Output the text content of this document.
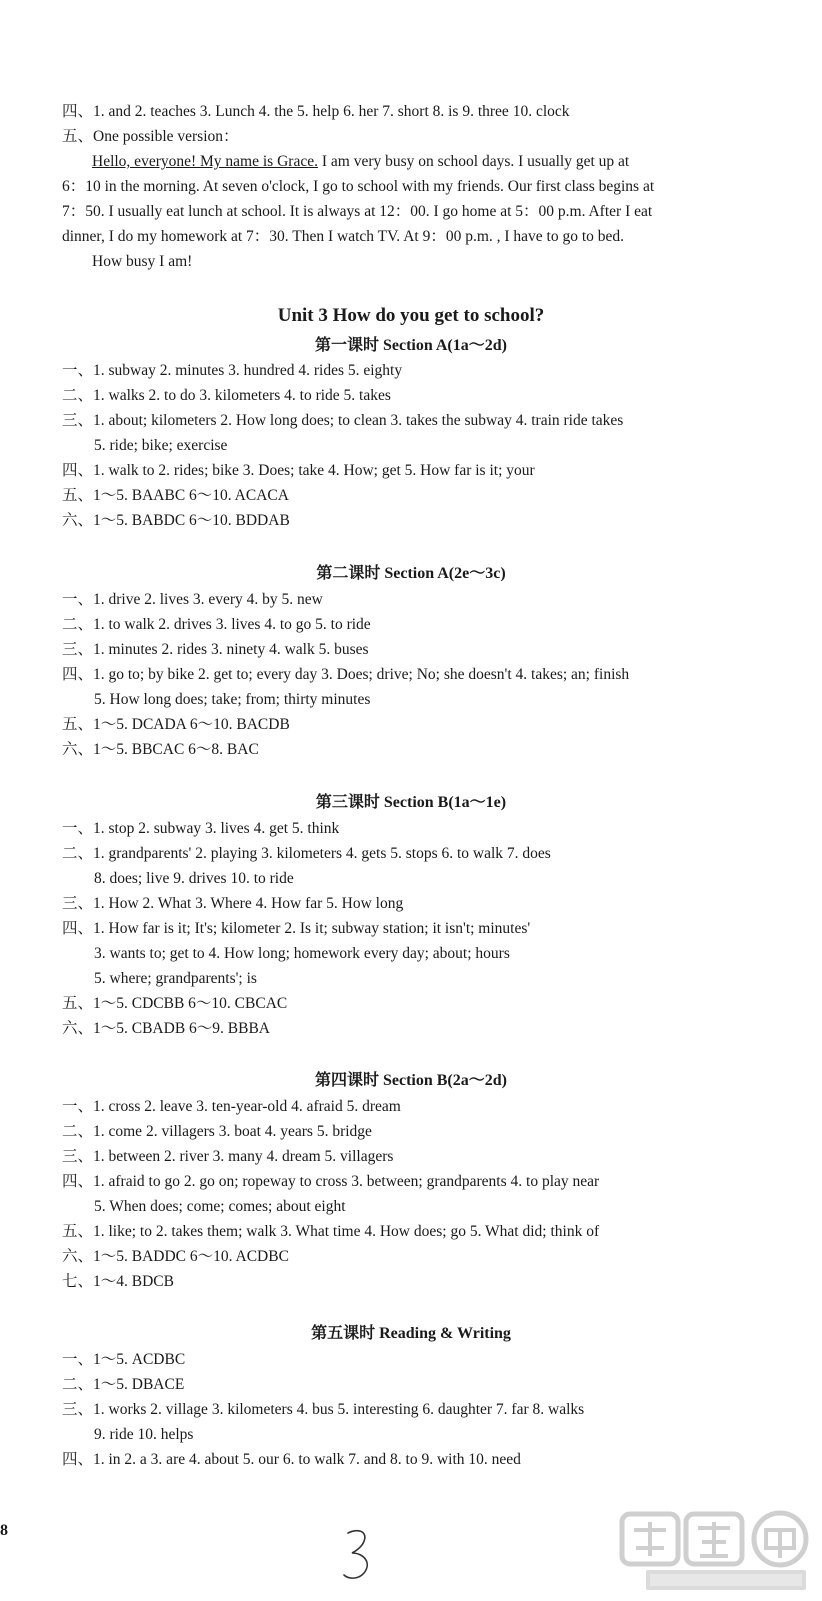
四、1. and 2. teaches 3. Lunch 4. the 5. help 6. her 7. short 8. is 9. three 10. clock
五、One possible version：
Hello, everyone! My name is Grace. I am very busy on school days. I usually get up at
6：10 in the morning. At seven o'clock, I go to school with my friends. Our first class begins at
7：50. I usually eat lunch at school. It is always at 12：00. I go home at 5：00 p.m. After I eat
dinner, I do my homework at 7：30. Then I watch TV. At 9：00 p.m. , I have to go to bed.
How busy I am!
Unit 3 How do you get to school?
第一课时 Section A(1a～2d)
一、1. subway 2. minutes 3. hundred 4. rides 5. eighty
二、1. walks 2. to do 3. kilometers 4. to ride 5. takes
三、1. about; kilometers 2. How long does; to clean 3. takes the subway 4. train ride takes
5. ride; bike; exercise
四、1. walk to 2. rides; bike 3. Does; take 4. How; get 5. How far is it; your
五、1～5. BAABC 6～10. ACACA
六、1～5. BABDC 6～10. BDDAB
第二课时 Section A(2e～3c)
一、1. drive 2. lives 3. every 4. by 5. new
二、1. to walk 2. drives 3. lives 4. to go 5. to ride
三、1. minutes 2. rides 3. ninety 4. walk 5. buses
四、1. go to; by bike 2. get to; every day 3. Does; drive; No; she doesn't 4. takes; an; finish
5. How long does; take; from; thirty minutes
五、1～5. DCADA 6～10. BACDB
六、1～5. BBCAC 6～8. BAC
第三课时 Section B(1a～1e)
一、1. stop 2. subway 3. lives 4. get 5. think
二、1. grandparents' 2. playing 3. kilometers 4. gets 5. stops 6. to walk 7. does
8. does; live 9. drives 10. to ride
三、1. How 2. What 3. Where 4. How far 5. How long
四、1. How far is it; It's; kilometer 2. Is it; subway station; it isn't; minutes'
3. wants to; get to 4. How long; homework every day; about; hours
5. where; grandparents'; is
五、1～5. CDCBB 6～10. CBCAC
六、1～5. CBADB 6～9. BBBA
第四课时 Section B(2a～2d)
一、1. cross 2. leave 3. ten-year-old 4. afraid 5. dream
二、1. come 2. villagers 3. boat 4. years 5. bridge
三、1. between 2. river 3. many 4. dream 5. villagers
四、1. afraid to go 2. go on; ropeway to cross 3. between; grandparents 4. to play near
5. When does; come; comes; about eight
五、1. like; to 2. takes them; walk 3. What time 4. How does; go 5. What did; think of
六、1～5. BADDC 6～10. ACDBC
七、1～4. BDCB
第五课时 Reading & Writing
一、1～5. ACDBC
二、1～5. DBACE
三、1. works 2. village 3. kilometers 4. bus 5. interesting 6. daughter 7. far 8. walks
9. ride 10. helps
四、1. in 2. a 3. are 4. about 5. our 6. to walk 7. and 8. to 9. with 10. need
8
